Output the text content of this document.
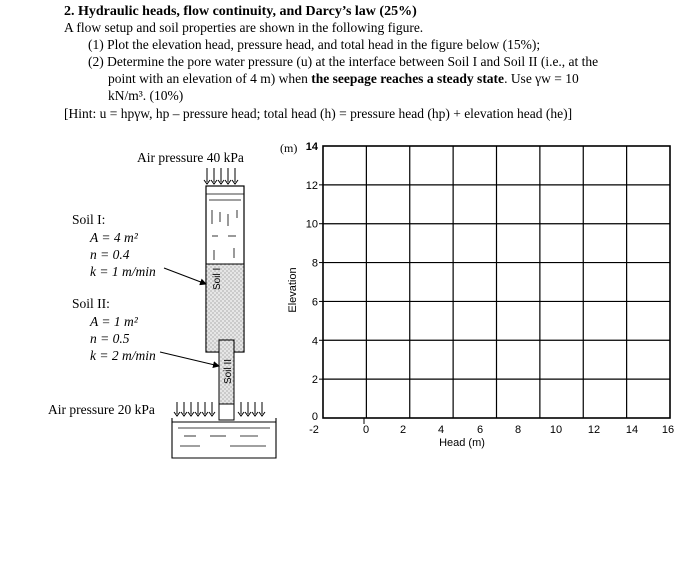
2. Hydraulic heads, flow continuity, and Darcy’s law (25%)
A flow setup and soil properties are shown in the following figure.
(1) Plot the elevation head, pressure head, and total head in the figure below (15%);
(2) Determine the pore water pressure (u) at the interface between Soil I and Soil II (i.e., at the
point with an elevation of 4 m) when the seepage reaches a steady state. Use γw = 10
kN/m³. (10%)
[Hint: u = hpγw, hp – pressure head; total head (h) = pressure head (hp) + elevation head (he)]
Air pressure 40 kPa
Air pressure 20 kPa
Soil I:
A = 4 m²
n = 0.4
k = 1 m/min
Soil II:
A = 1 m²
n = 0.5
k = 2 m/min
Soil I
Soil II
-2	0	2	4	6	8	10 12 14 16
0
2
4
6
8
10
12
14
(m)
Head (m)
Elevation
